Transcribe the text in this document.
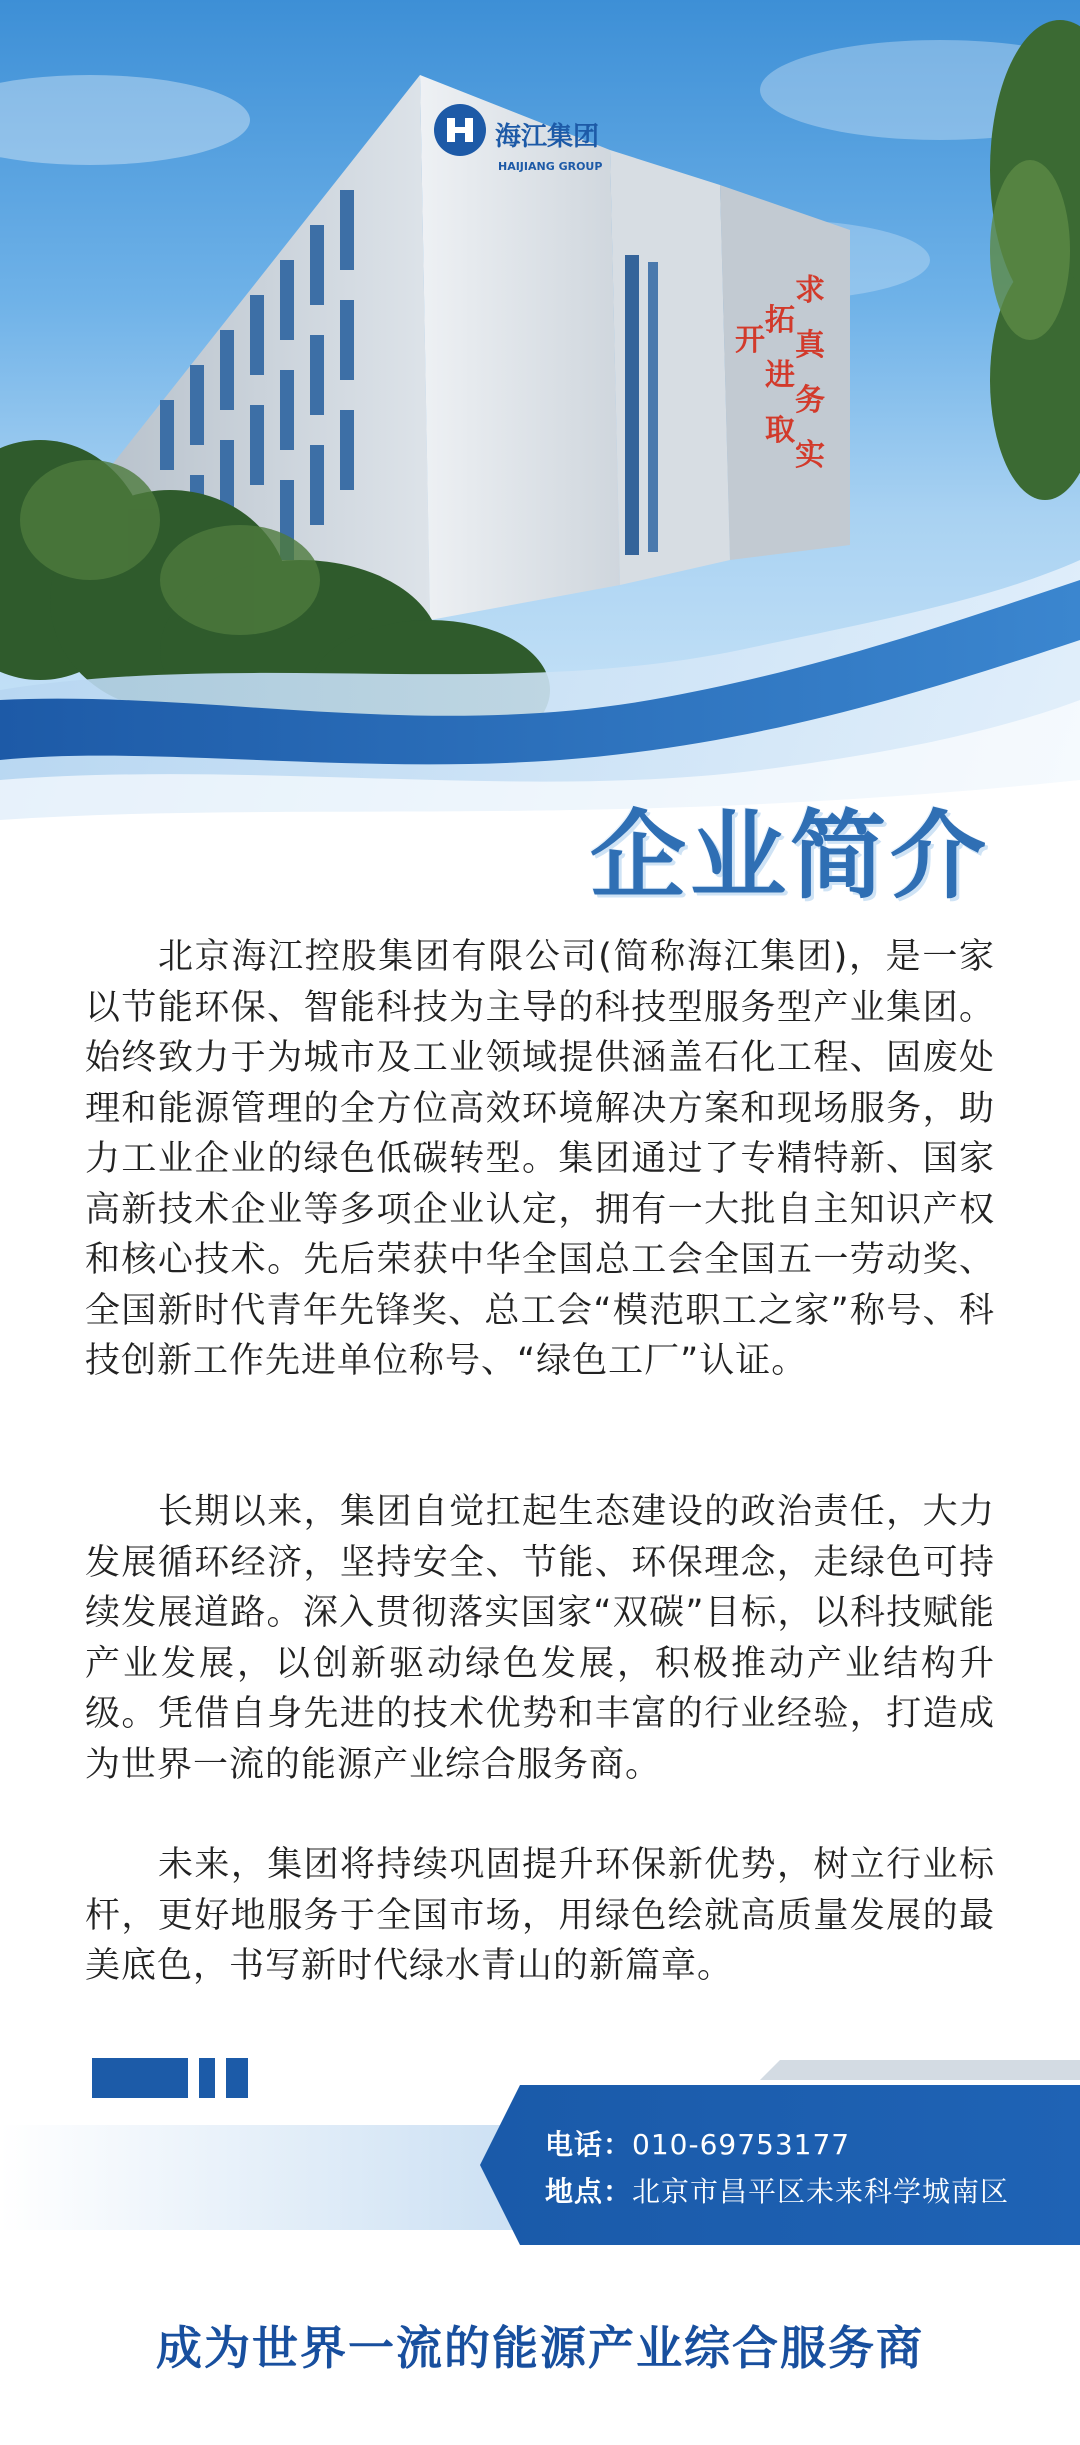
海江集团
HAIJIANG GROUP
开
拓
进
取
求
真
务
实
企业简介

北京海江控股集团有限公司(简称海江集团)，是一家以节能环保、智能科技为主导的科技型服务型产业集团。始终致力于为城市及工业领域提供涵盖石化工程、固废处理和能源管理的全方位高效环境解决方案和现场服务，助力工业企业的绿色低碳转型。集团通过了专精特新、国家高新技术企业等多项企业认定，拥有一大批自主知识产权和核心技术。先后荣获中华全国总工会全国五一劳动奖、全国新时代青年先锋奖、总工会“模范职工之家”称号、科技创新工作先进单位称号、“绿色工厂”认证。

长期以来，集团自觉扛起生态建设的政治责任，大力发展循环经济，坚持安全、节能、环保理念，走绿色可持续发展道路。深入贯彻落实国家“双碳”目标，以科技赋能产业发展，以创新驱动绿色发展，积极推动产业结构升级。凭借自身先进的技术优势和丰富的行业经验，打造成为世界一流的能源产业综合服务商。

未来，集团将持续巩固提升环保新优势，树立行业标杆，更好地服务于全国市场，用绿色绘就高质量发展的最美底色，书写新时代绿水青山的新篇章。

电话：010-69753177
地点：北京市昌平区未来科学城南区
成为世界一流的能源产业综合服务商
